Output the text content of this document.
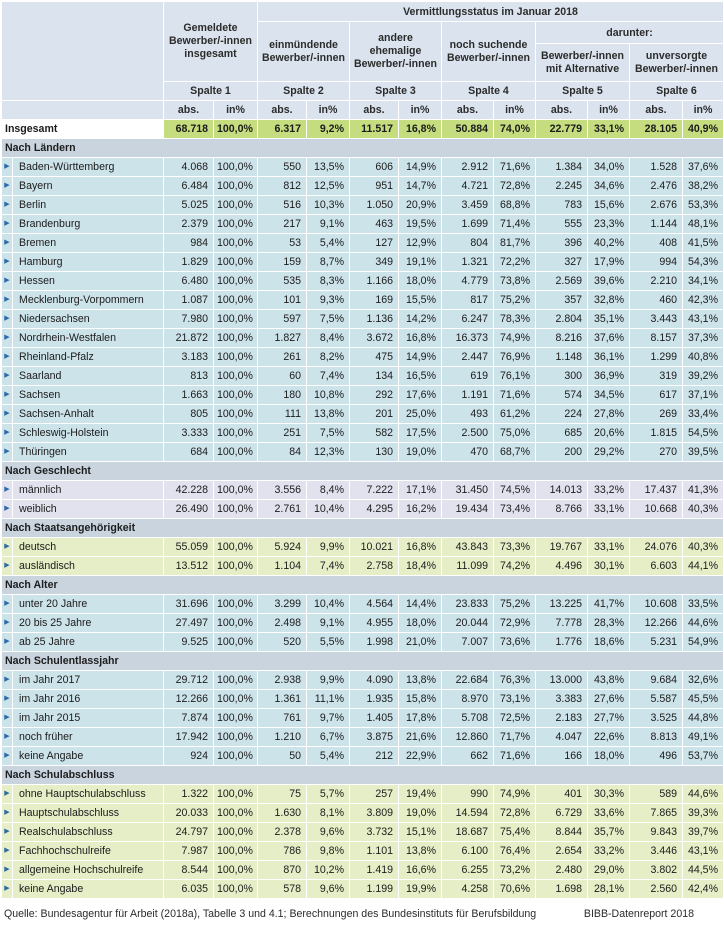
		Gemeldete Bewerber/-innen insgesamt		Vermittlungsstatus im Januar 2018									
				einmündende Bewerber/-innen		andere ehemalige Bewerber/-innen		noch suchende Bewerber/-innen		darunter:			
										Bewerber/-innen mit Alternative		unversorgte Bewerber/-innen	
		Spalte 1		Spalte 2		Spalte 3		Spalte 4		Spalte 5		Spalte 6	
		abs.	in%	abs.	in%	abs.	in%	abs.	in%	abs.	in%	abs.	in%
Insgesamt		68.718	100,0%	6.317	9,2%	11.517	16,8%	50.884	74,0%	22.779	33,1%	28.105	40,9%
Nach Ländern													
▶	Baden-Württemberg	4.068	100,0%	550	13,5%	606	14,9%	2.912	71,6%	1.384	34,0%	1.528	37,6%
▶	Bayern	6.484	100,0%	812	12,5%	951	14,7%	4.721	72,8%	2.245	34,6%	2.476	38,2%
▶	Berlin	5.025	100,0%	516	10,3%	1.050	20,9%	3.459	68,8%	783	15,6%	2.676	53,3%
▶	Brandenburg	2.379	100,0%	217	9,1%	463	19,5%	1.699	71,4%	555	23,3%	1.144	48,1%
▶	Bremen	984	100,0%	53	5,4%	127	12,9%	804	81,7%	396	40,2%	408	41,5%
▶	Hamburg	1.829	100,0%	159	8,7%	349	19,1%	1.321	72,2%	327	17,9%	994	54,3%
▶	Hessen	6.480	100,0%	535	8,3%	1.166	18,0%	4.779	73,8%	2.569	39,6%	2.210	34,1%
▶	Mecklenburg-Vorpommern	1.087	100,0%	101	9,3%	169	15,5%	817	75,2%	357	32,8%	460	42,3%
▶	Niedersachsen	7.980	100,0%	597	7,5%	1.136	14,2%	6.247	78,3%	2.804	35,1%	3.443	43,1%
▶	Nordrhein-Westfalen	21.872	100,0%	1.827	8,4%	3.672	16,8%	16.373	74,9%	8.216	37,6%	8.157	37,3%
▶	Rheinland-Pfalz	3.183	100,0%	261	8,2%	475	14,9%	2.447	76,9%	1.148	36,1%	1.299	40,8%
▶	Saarland	813	100,0%	60	7,4%	134	16,5%	619	76,1%	300	36,9%	319	39,2%
▶	Sachsen	1.663	100,0%	180	10,8%	292	17,6%	1.191	71,6%	574	34,5%	617	37,1%
▶	Sachsen-Anhalt	805	100,0%	111	13,8%	201	25,0%	493	61,2%	224	27,8%	269	33,4%
▶	Schleswig-Holstein	3.333	100,0%	251	7,5%	582	17,5%	2.500	75,0%	685	20,6%	1.815	54,5%
▶	Thüringen	684	100,0%	84	12,3%	130	19,0%	470	68,7%	200	29,2%	270	39,5%
Nach Geschlecht													
▶	männlich	42.228	100,0%	3.556	8,4%	7.222	17,1%	31.450	74,5%	14.013	33,2%	17.437	41,3%
▶	weiblich	26.490	100,0%	2.761	10,4%	4.295	16,2%	19.434	73,4%	8.766	33,1%	10.668	40,3%
Nach Staatsangehörigkeit													
▶	deutsch	55.059	100,0%	5.924	9,9%	10.021	16,8%	43.843	73,3%	19.767	33,1%	24.076	40,3%
▶	ausländisch	13.512	100,0%	1.104	7,4%	2.758	18,4%	11.099	74,2%	4.496	30,1%	6.603	44,1%
Nach Alter													
▶	unter 20 Jahre	31.696	100,0%	3.299	10,4%	4.564	14,4%	23.833	75,2%	13.225	41,7%	10.608	33,5%
▶	20 bis 25 Jahre	27.497	100,0%	2.498	9,1%	4.955	18,0%	20.044	72,9%	7.778	28,3%	12.266	44,6%
▶	ab 25 Jahre	9.525	100,0%	520	5,5%	1.998	21,0%	7.007	73,6%	1.776	18,6%	5.231	54,9%
Nach Schulentlassjahr													
▶	im Jahr 2017	29.712	100,0%	2.938	9,9%	4.090	13,8%	22.684	76,3%	13.000	43,8%	9.684	32,6%
▶	im Jahr 2016	12.266	100,0%	1.361	11,1%	1.935	15,8%	8.970	73,1%	3.383	27,6%	5.587	45,5%
▶	im Jahr 2015	7.874	100,0%	761	9,7%	1.405	17,8%	5.708	72,5%	2.183	27,7%	3.525	44,8%
▶	noch früher	17.942	100,0%	1.210	6,7%	3.875	21,6%	12.860	71,7%	4.047	22,6%	8.813	49,1%
▶	keine Angabe	924	100,0%	50	5,4%	212	22,9%	662	71,6%	166	18,0%	496	53,7%
Nach Schulabschluss													
▶	ohne Hauptschulabschluss	1.322	100,0%	75	5,7%	257	19,4%	990	74,9%	401	30,3%	589	44,6%
▶	Hauptschulabschluss	20.033	100,0%	1.630	8,1%	3.809	19,0%	14.594	72,8%	6.729	33,6%	7.865	39,3%
▶	Realschulabschluss	24.797	100,0%	2.378	9,6%	3.732	15,1%	18.687	75,4%	8.844	35,7%	9.843	39,7%
▶	Fachhochschulreife	7.987	100,0%	786	9,8%	1.101	13,8%	6.100	76,4%	2.654	33,2%	3.446	43,1%
▶	allgemeine Hochschulreife	8.544	100,0%	870	10,2%	1.419	16,6%	6.255	73,2%	2.480	29,0%	3.802	44,5%
▶	keine Angabe	6.035	100,0%	578	9,6%	1.199	19,9%	4.258	70,6%	1.698	28,1%	2.560	42,4%
Quelle: Bundesagentur für Arbeit (2018a), Tabelle 3 und 4.1; Berechnungen des Bundesinstituts für Berufsbildung	BIBB-Datenreport 2018
